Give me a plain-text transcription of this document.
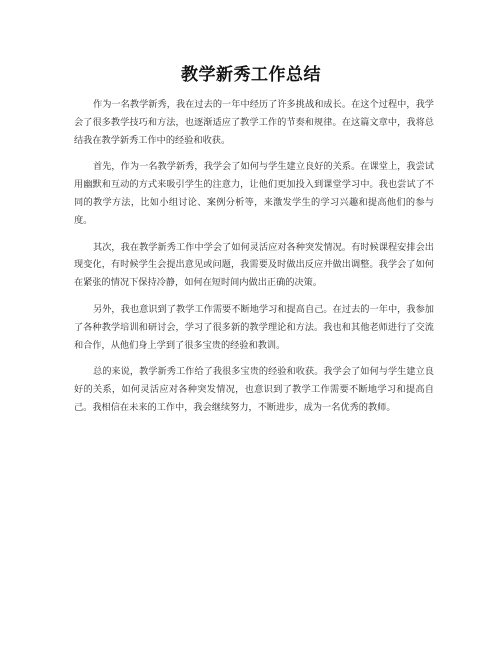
教学新秀工作总结

作为一名教学新秀，我在过去的一年中经历了许多挑战和成长。在这个过程中，我学会了很多教学技巧和方法，也逐渐适应了教学工作的节奏和规律。在这篇文章中，我将总结我在教学新秀工作中的经验和收获。

首先，作为一名教学新秀，我学会了如何与学生建立良好的关系。在课堂上，我尝试用幽默和互动的方式来吸引学生的注意力，让他们更加投入到课堂学习中。我也尝试了不同的教学方法，比如小组讨论、案例分析等，来激发学生的学习兴趣和提高他们的参与度。

其次，我在教学新秀工作中学会了如何灵活应对各种突发情况。有时候课程安排会出现变化，有时候学生会提出意见或问题，我需要及时做出反应并做出调整。我学会了如何在紧张的情况下保持冷静，如何在短时间内做出正确的决策。

另外，我也意识到了教学工作需要不断地学习和提高自己。在过去的一年中，我参加了各种教学培训和研讨会，学习了很多新的教学理论和方法。我也和其他老师进行了交流和合作，从他们身上学到了很多宝贵的经验和教训。

总的来说，教学新秀工作给了我很多宝贵的经验和收获。我学会了如何与学生建立良好的关系，如何灵活应对各种突发情况，也意识到了教学工作需要不断地学习和提高自己。我相信在未来的工作中，我会继续努力，不断进步，成为一名优秀的教师。
